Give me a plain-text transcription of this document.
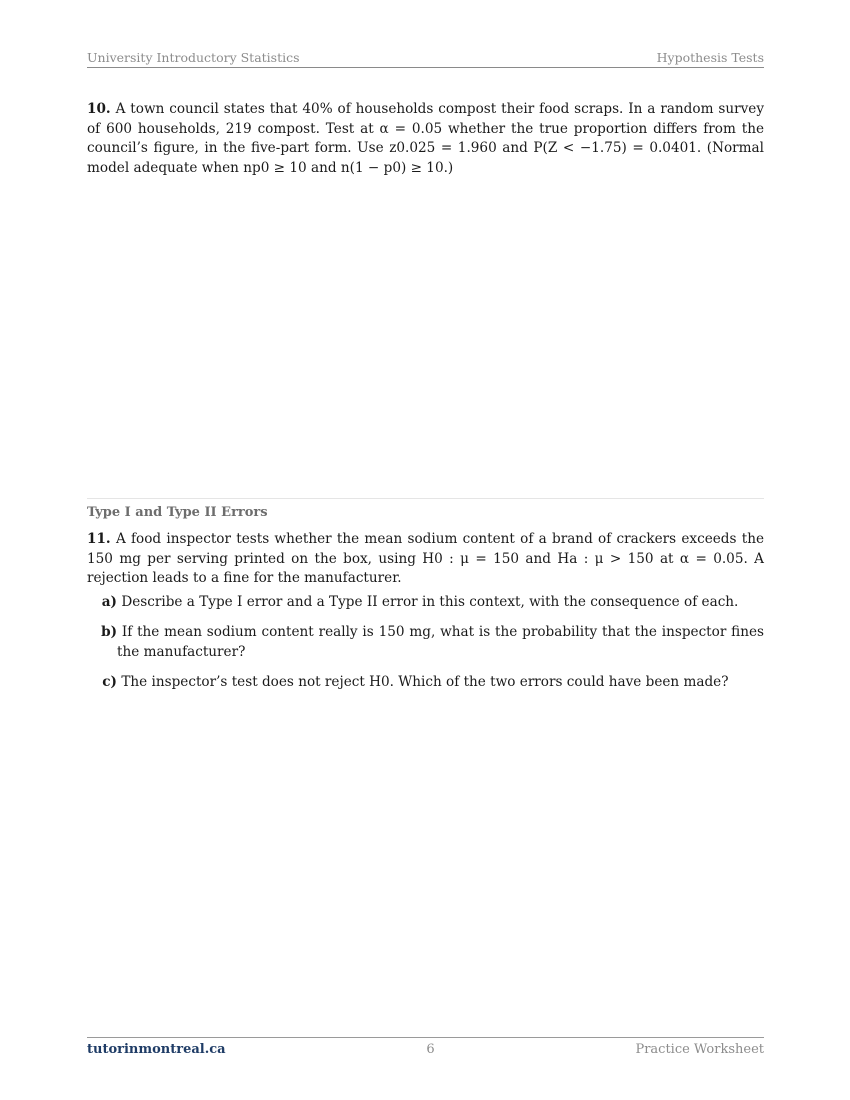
University Introductory Statistics	Hypothesis Tests

10. A town council states that 40% of households compost their food scraps. In a random survey of 600 households, 219 compost. Test at α = 0.05 whether the true proportion differs from the council’s figure, in the five-part form. Use z0.025 = 1.960 and P(Z < −1.75) = 0.0401. (Normal model adequate when np0 ≥ 10 and n(1 − p0) ≥ 10.)

Type I and Type II Errors

11. A food inspector tests whether the mean sodium content of a brand of crackers exceeds the 150 mg per serving printed on the box, using H0 : μ = 150 and Ha : μ > 150 at α = 0.05. A rejection leads to a fine for the manufacturer.

a) Describe a Type I error and a Type II error in this context, with the consequence of each.
b) If the mean sodium content really is 150 mg, what is the probability that the inspector fines the manufacturer?
c) The inspector’s test does not reject H0. Which of the two errors could have been made?
tutorinmontreal.ca	6	Practice Worksheet
